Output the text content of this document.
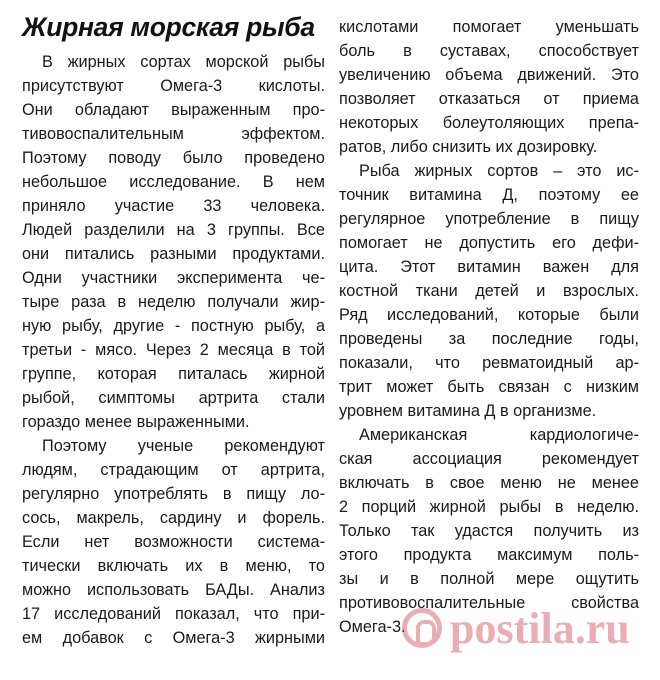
Жирная морская рыба
В жирных сортах морской рыбы
присутствуют Омега-3 кислоты.
Они обладают выраженным про-
тивовоспалительным эффектом.
Поэтому поводу было проведено
небольшое исследование. В нем
приняло участие 33 человека.
Людей разделили на 3 группы. Все
они питались разными продуктами.
Одни участники эксперимента че-
тыре раза в неделю получали жир-
ную рыбу, другие - постную рыбу, а
третьи - мясо. Через 2 месяца в той
группе, которая питалась жирной
рыбой, симптомы артрита стали
гораздо менее выраженными.
Поэтому ученые рекомендуют
людям, страдающим от артрита,
регулярно употреблять в пищу ло-
сось, макрель, сардину и форель.
Если нет возможности система-
тически включать их в меню, то
можно использовать БАДы. Анализ
17 исследований показал, что при-
ем добавок с Омега-3 жирными
кислотами помогает уменьшать
боль в суставах, способствует
увеличению объема движений. Это
позволяет отказаться от приема
некоторых болеутоляющих препа-
ратов, либо снизить их дозировку.
Рыба жирных сортов – это ис-
точник витамина Д, поэтому ее
регулярное употребление в пищу
помогает не допустить его дефи-
цита. Этот витамин важен для
костной ткани детей и взрослых.
Ряд исследований, которые были
проведены за последние годы,
показали, что ревматоидный ар-
трит может быть связан с низким
уровнем витамина Д в организме.
Американская кардиологиче-
ская ассоциация рекомендует
включать в свое меню не менее
2 порций жирной рыбы в неделю.
Только так удастся получить из
этого продукта максимум поль-
зы и в полной мере ощутить
противовоспалительные свойства
Омега-3.	postila.ru
